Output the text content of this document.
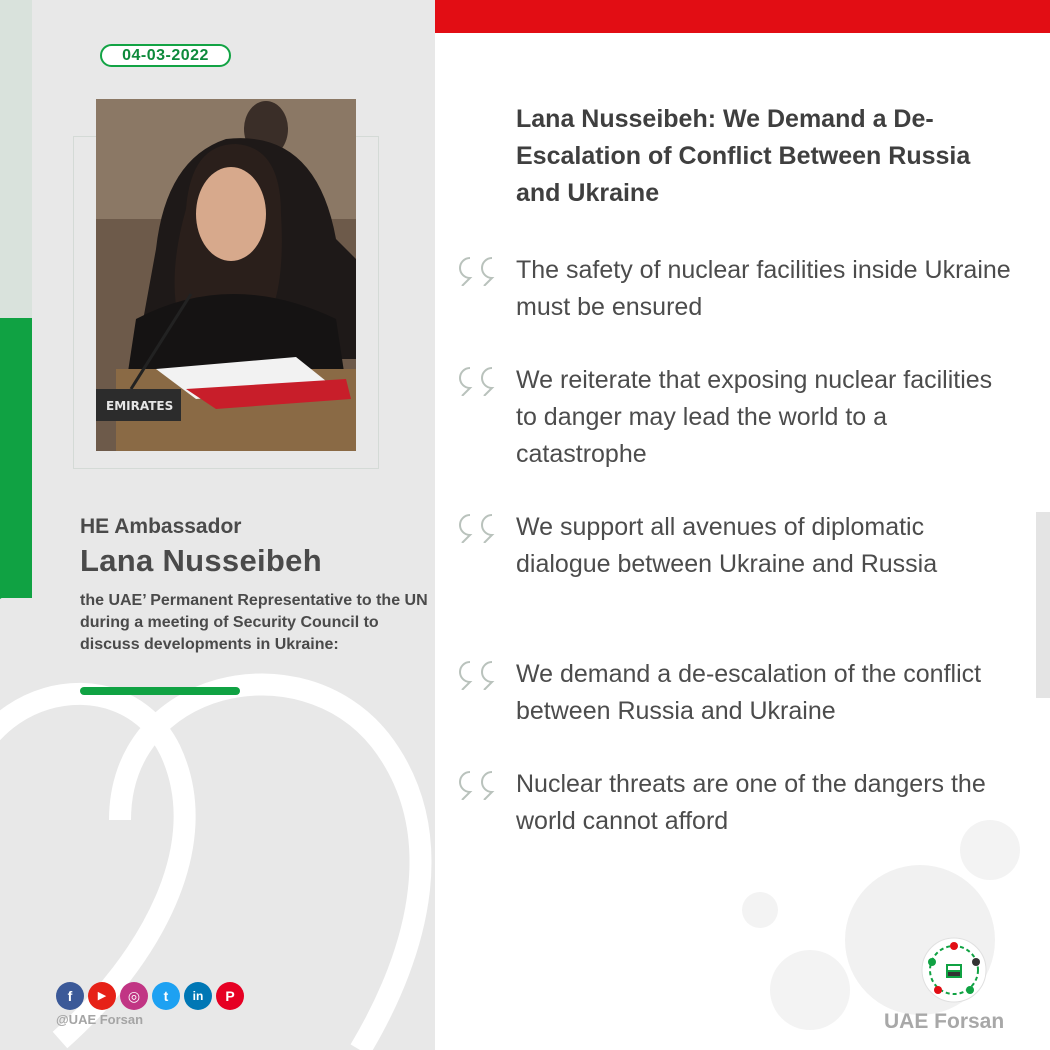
04-03-2022
EMIRATES
HE Ambassador
Lana Nusseibeh
the UAE’ Permanent Representative to the UN during a meeting of Security Council to discuss developments in Ukraine:
f	▶	◎	t	in	P
@UAE Forsan
Lana Nusseibeh: We Demand a De-Escalation of Conflict Between Russia and Ukraine
The safety of nuclear facilities inside Ukraine must be ensured
We reiterate that exposing nuclear facilities to danger may lead the world to a catastrophe
We support all avenues of diplomatic dialogue between Ukraine and Russia
We demand a de-escalation of the conflict between Russia and Ukraine
Nuclear threats are one of the dangers the world cannot afford
UAE Forsan
